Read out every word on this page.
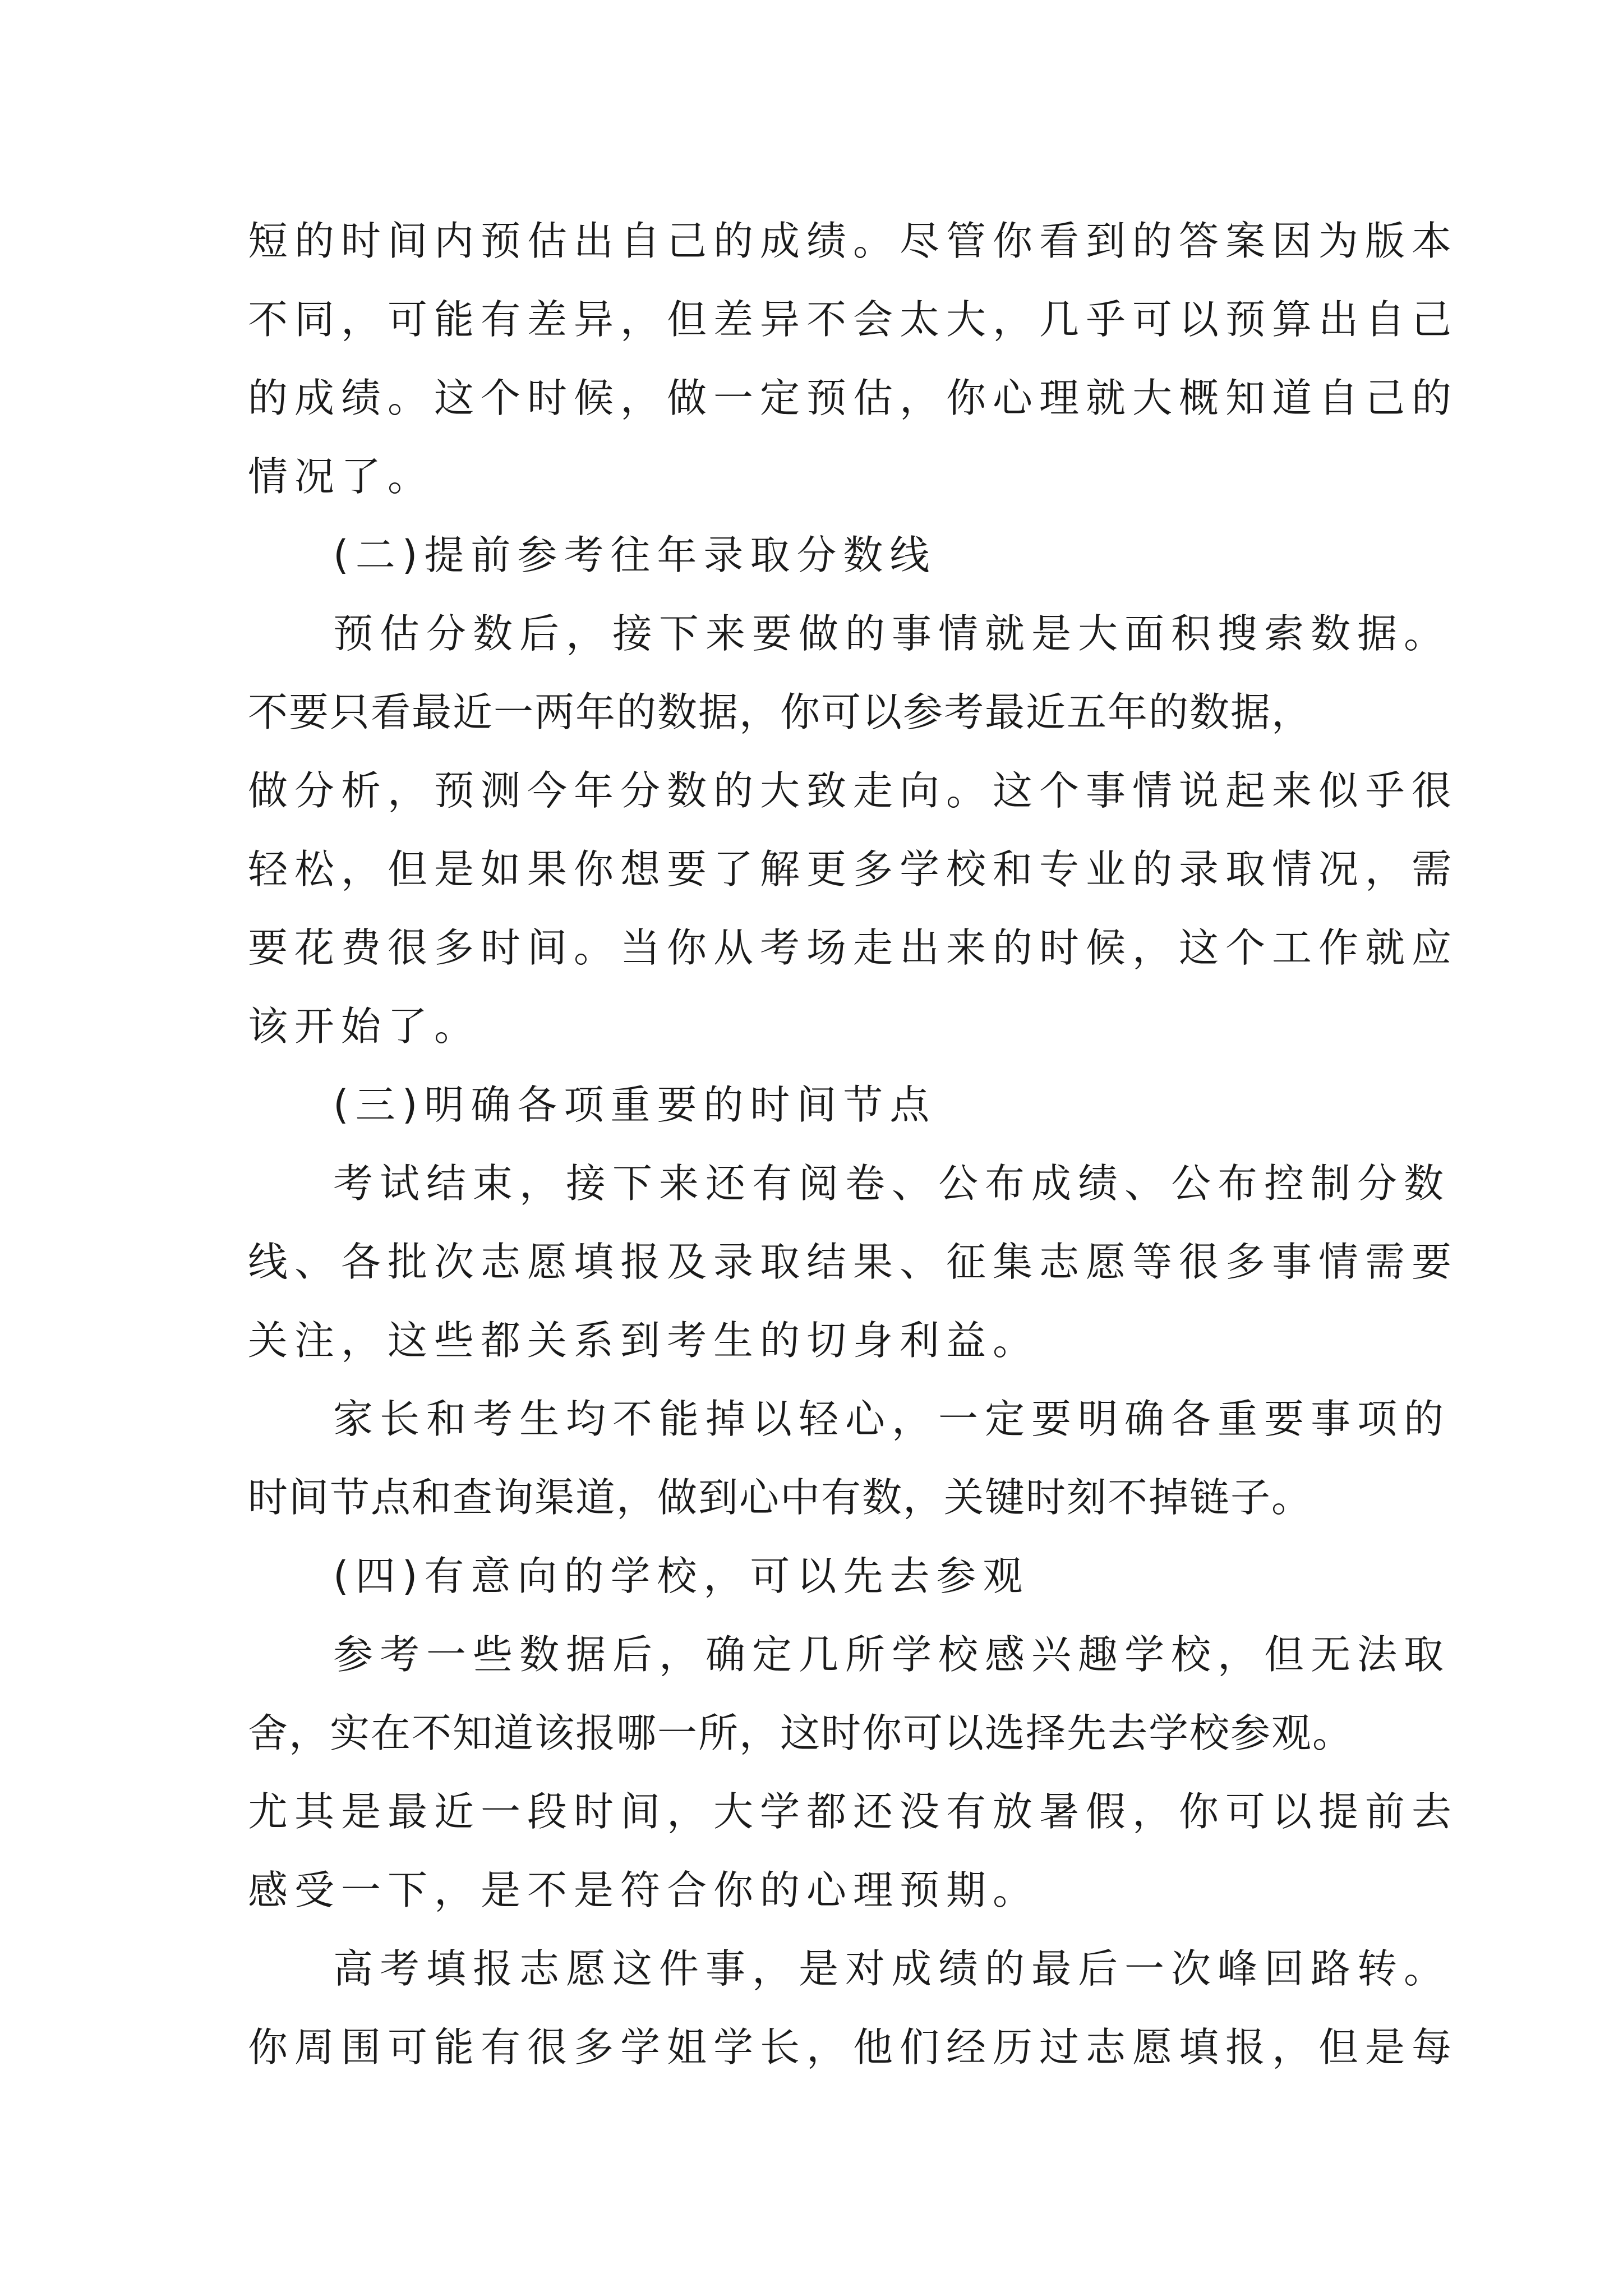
短的时间内预估出自己的成绩。尽管你看到的答案因为版本
不同，可能有差异，但差异不会太大，几乎可以预算出自己
的成绩。这个时候，做一定预估，你心理就大概知道自己的
情况了。
(二)提前参考往年录取分数线
预估分数后，接下来要做的事情就是大面积搜索数据。
不要只看最近一两年的数据，你可以参考最近五年的数据，
做分析，预测今年分数的大致走向。这个事情说起来似乎很
轻松，但是如果你想要了解更多学校和专业的录取情况，需
要花费很多时间。当你从考场走出来的时候，这个工作就应
该开始了。
(三)明确各项重要的时间节点
考试结束，接下来还有阅卷、公布成绩、公布控制分数
线、各批次志愿填报及录取结果、征集志愿等很多事情需要
关注，这些都关系到考生的切身利益。
家长和考生均不能掉以轻心，一定要明确各重要事项的
时间节点和查询渠道，做到心中有数，关键时刻不掉链子。
(四)有意向的学校，可以先去参观
参考一些数据后，确定几所学校感兴趣学校，但无法取
舍，实在不知道该报哪一所，这时你可以选择先去学校参观。
尤其是最近一段时间，大学都还没有放暑假，你可以提前去
感受一下，是不是符合你的心理预期。
高考填报志愿这件事，是对成绩的最后一次峰回路转。
你周围可能有很多学姐学长，他们经历过志愿填报，但是每
